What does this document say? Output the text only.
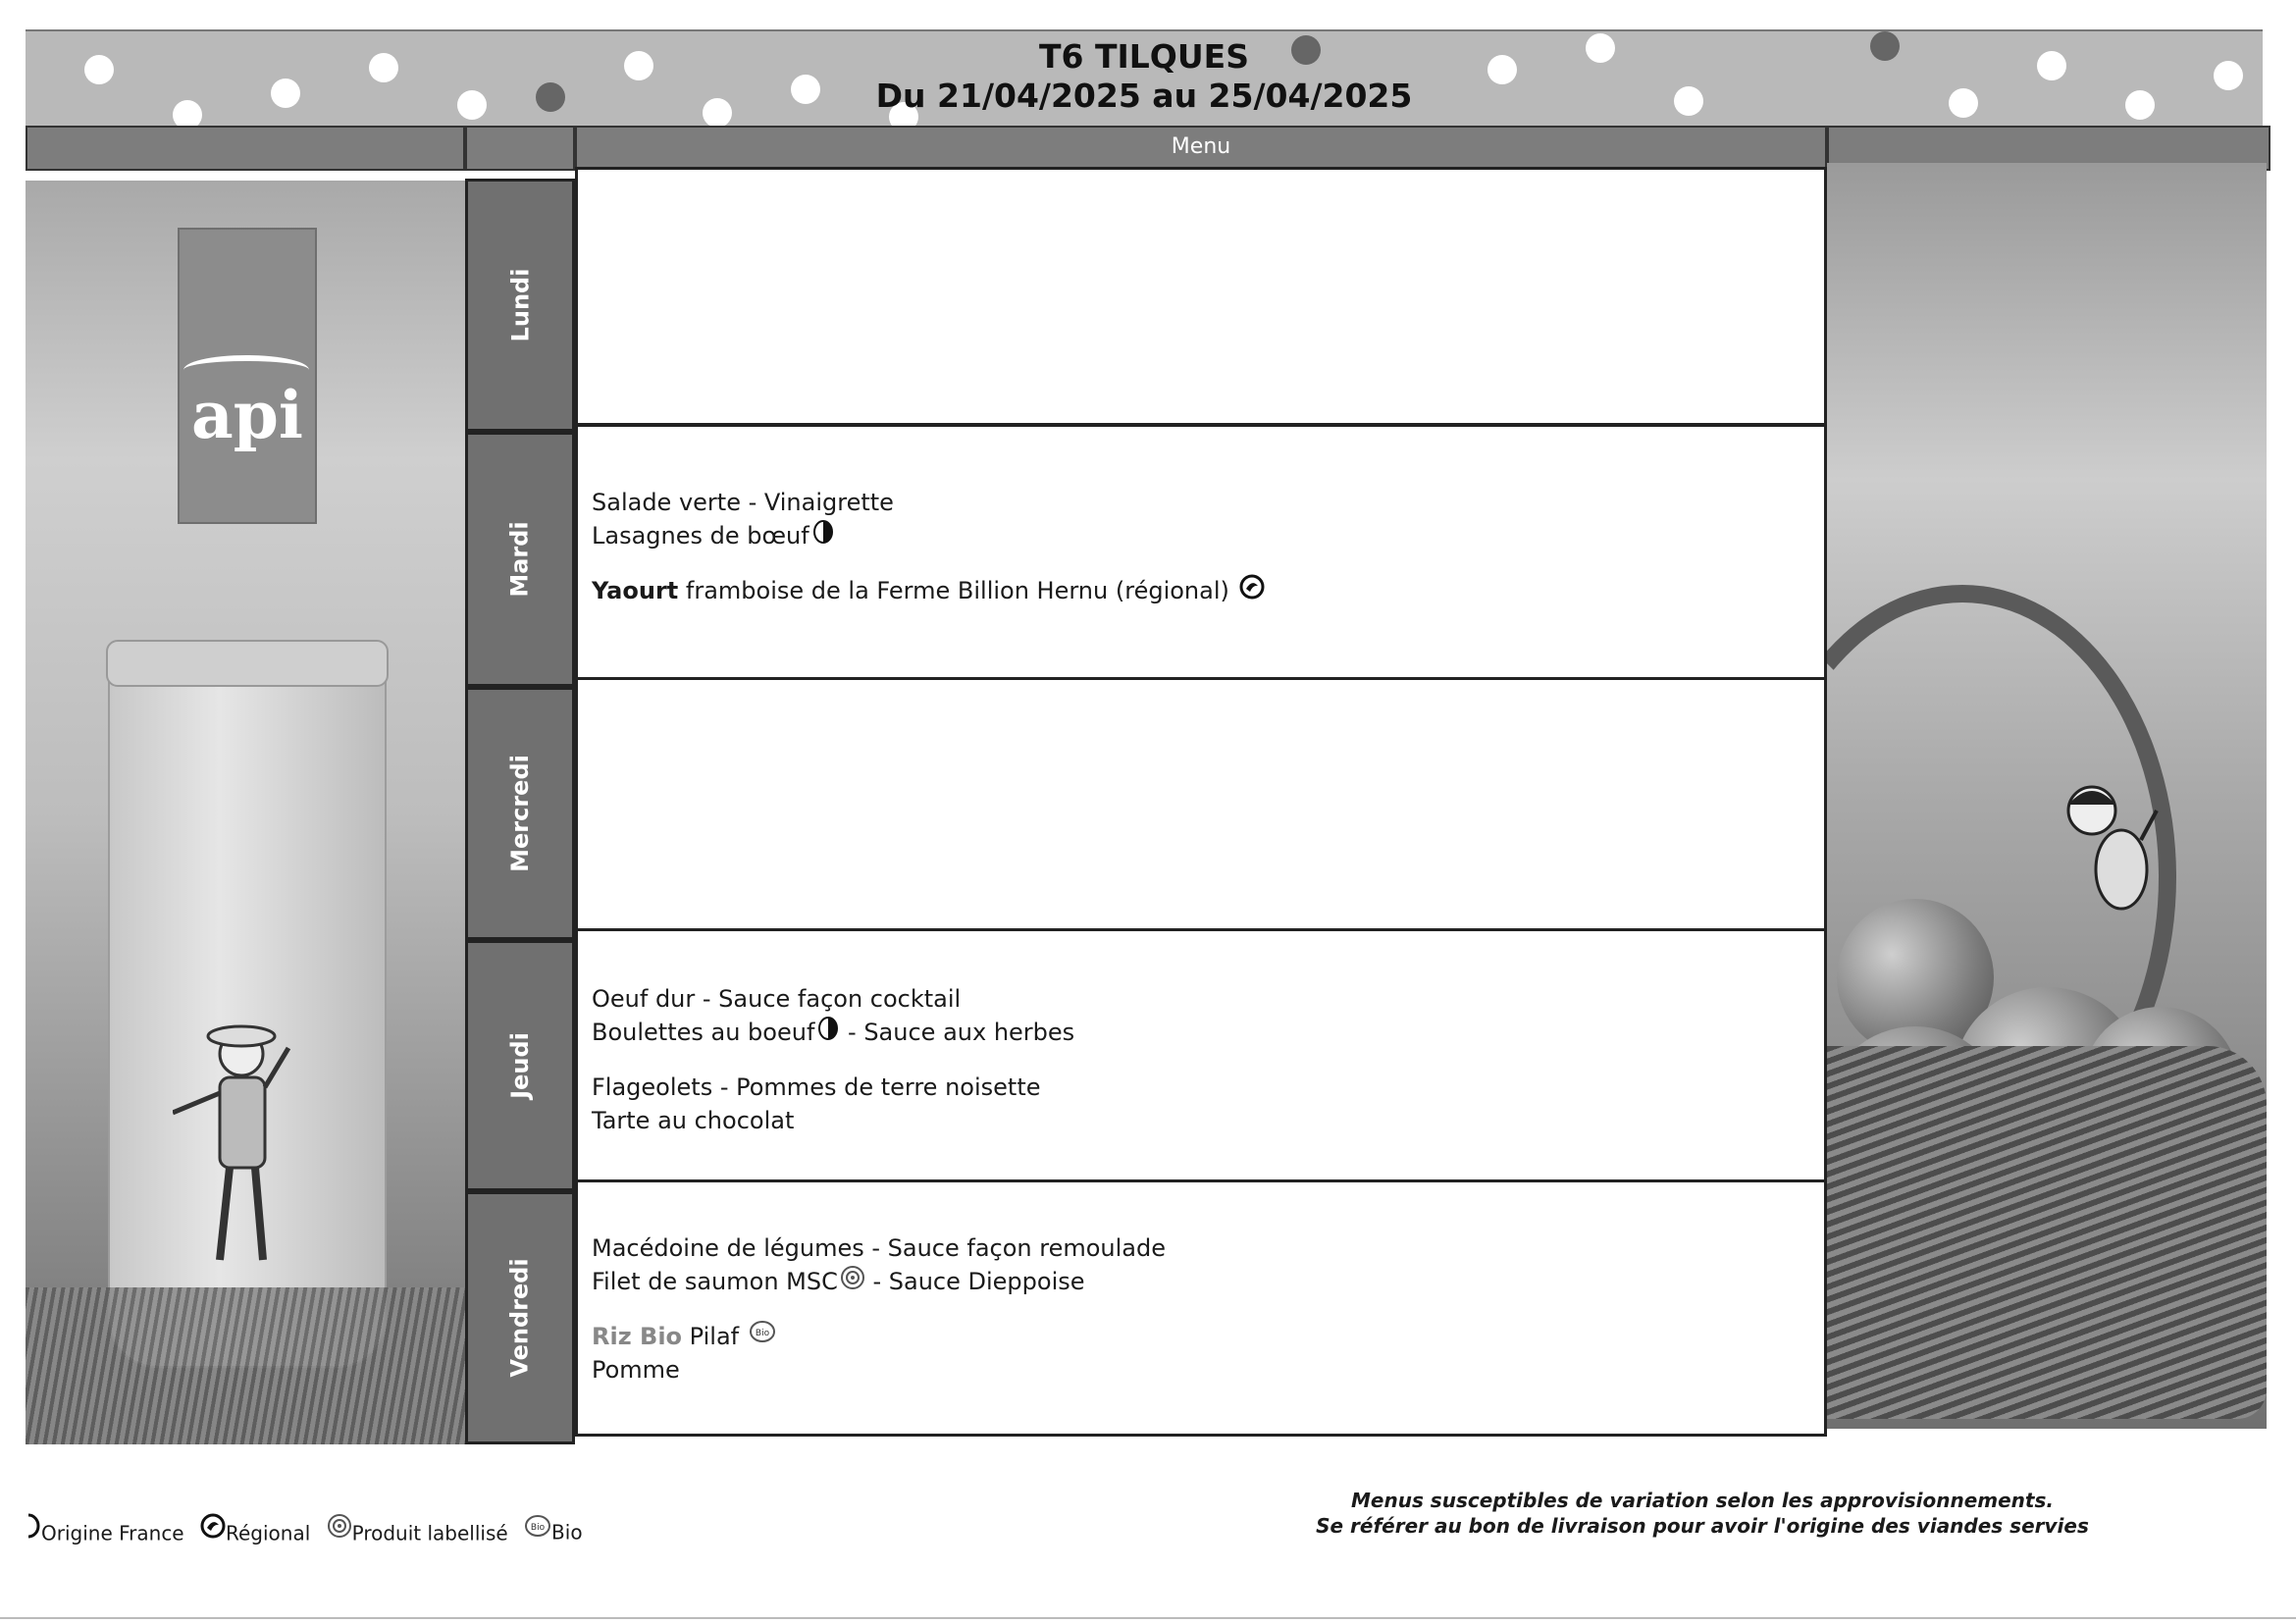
T6 TILQUES
Du 21/04/2025 au 25/04/2025
Menu
api
Lundi
Mardi
Salade verte - Vinaigrette
Lasagnes de bœuf
Yaourt framboise de la Ferme Billion Hernu (régional)
Mercredi
Jeudi
Oeuf dur - Sauce façon cocktail
Boulettes au boeuf - Sauce aux herbes
Flageolets - Pommes de terre noisette
Tarte au chocolat
Vendredi
Macédoine de légumes - Sauce façon remoulade
Filet de saumon MSC - Sauce Dieppoise
Riz Bio Pilaf Bio
Pomme
Origine France Régional Produit labellisé	Bio Bio
Menus susceptibles de variation selon les approvisionnements.
Se référer au bon de livraison pour avoir l'origine des viandes servies
